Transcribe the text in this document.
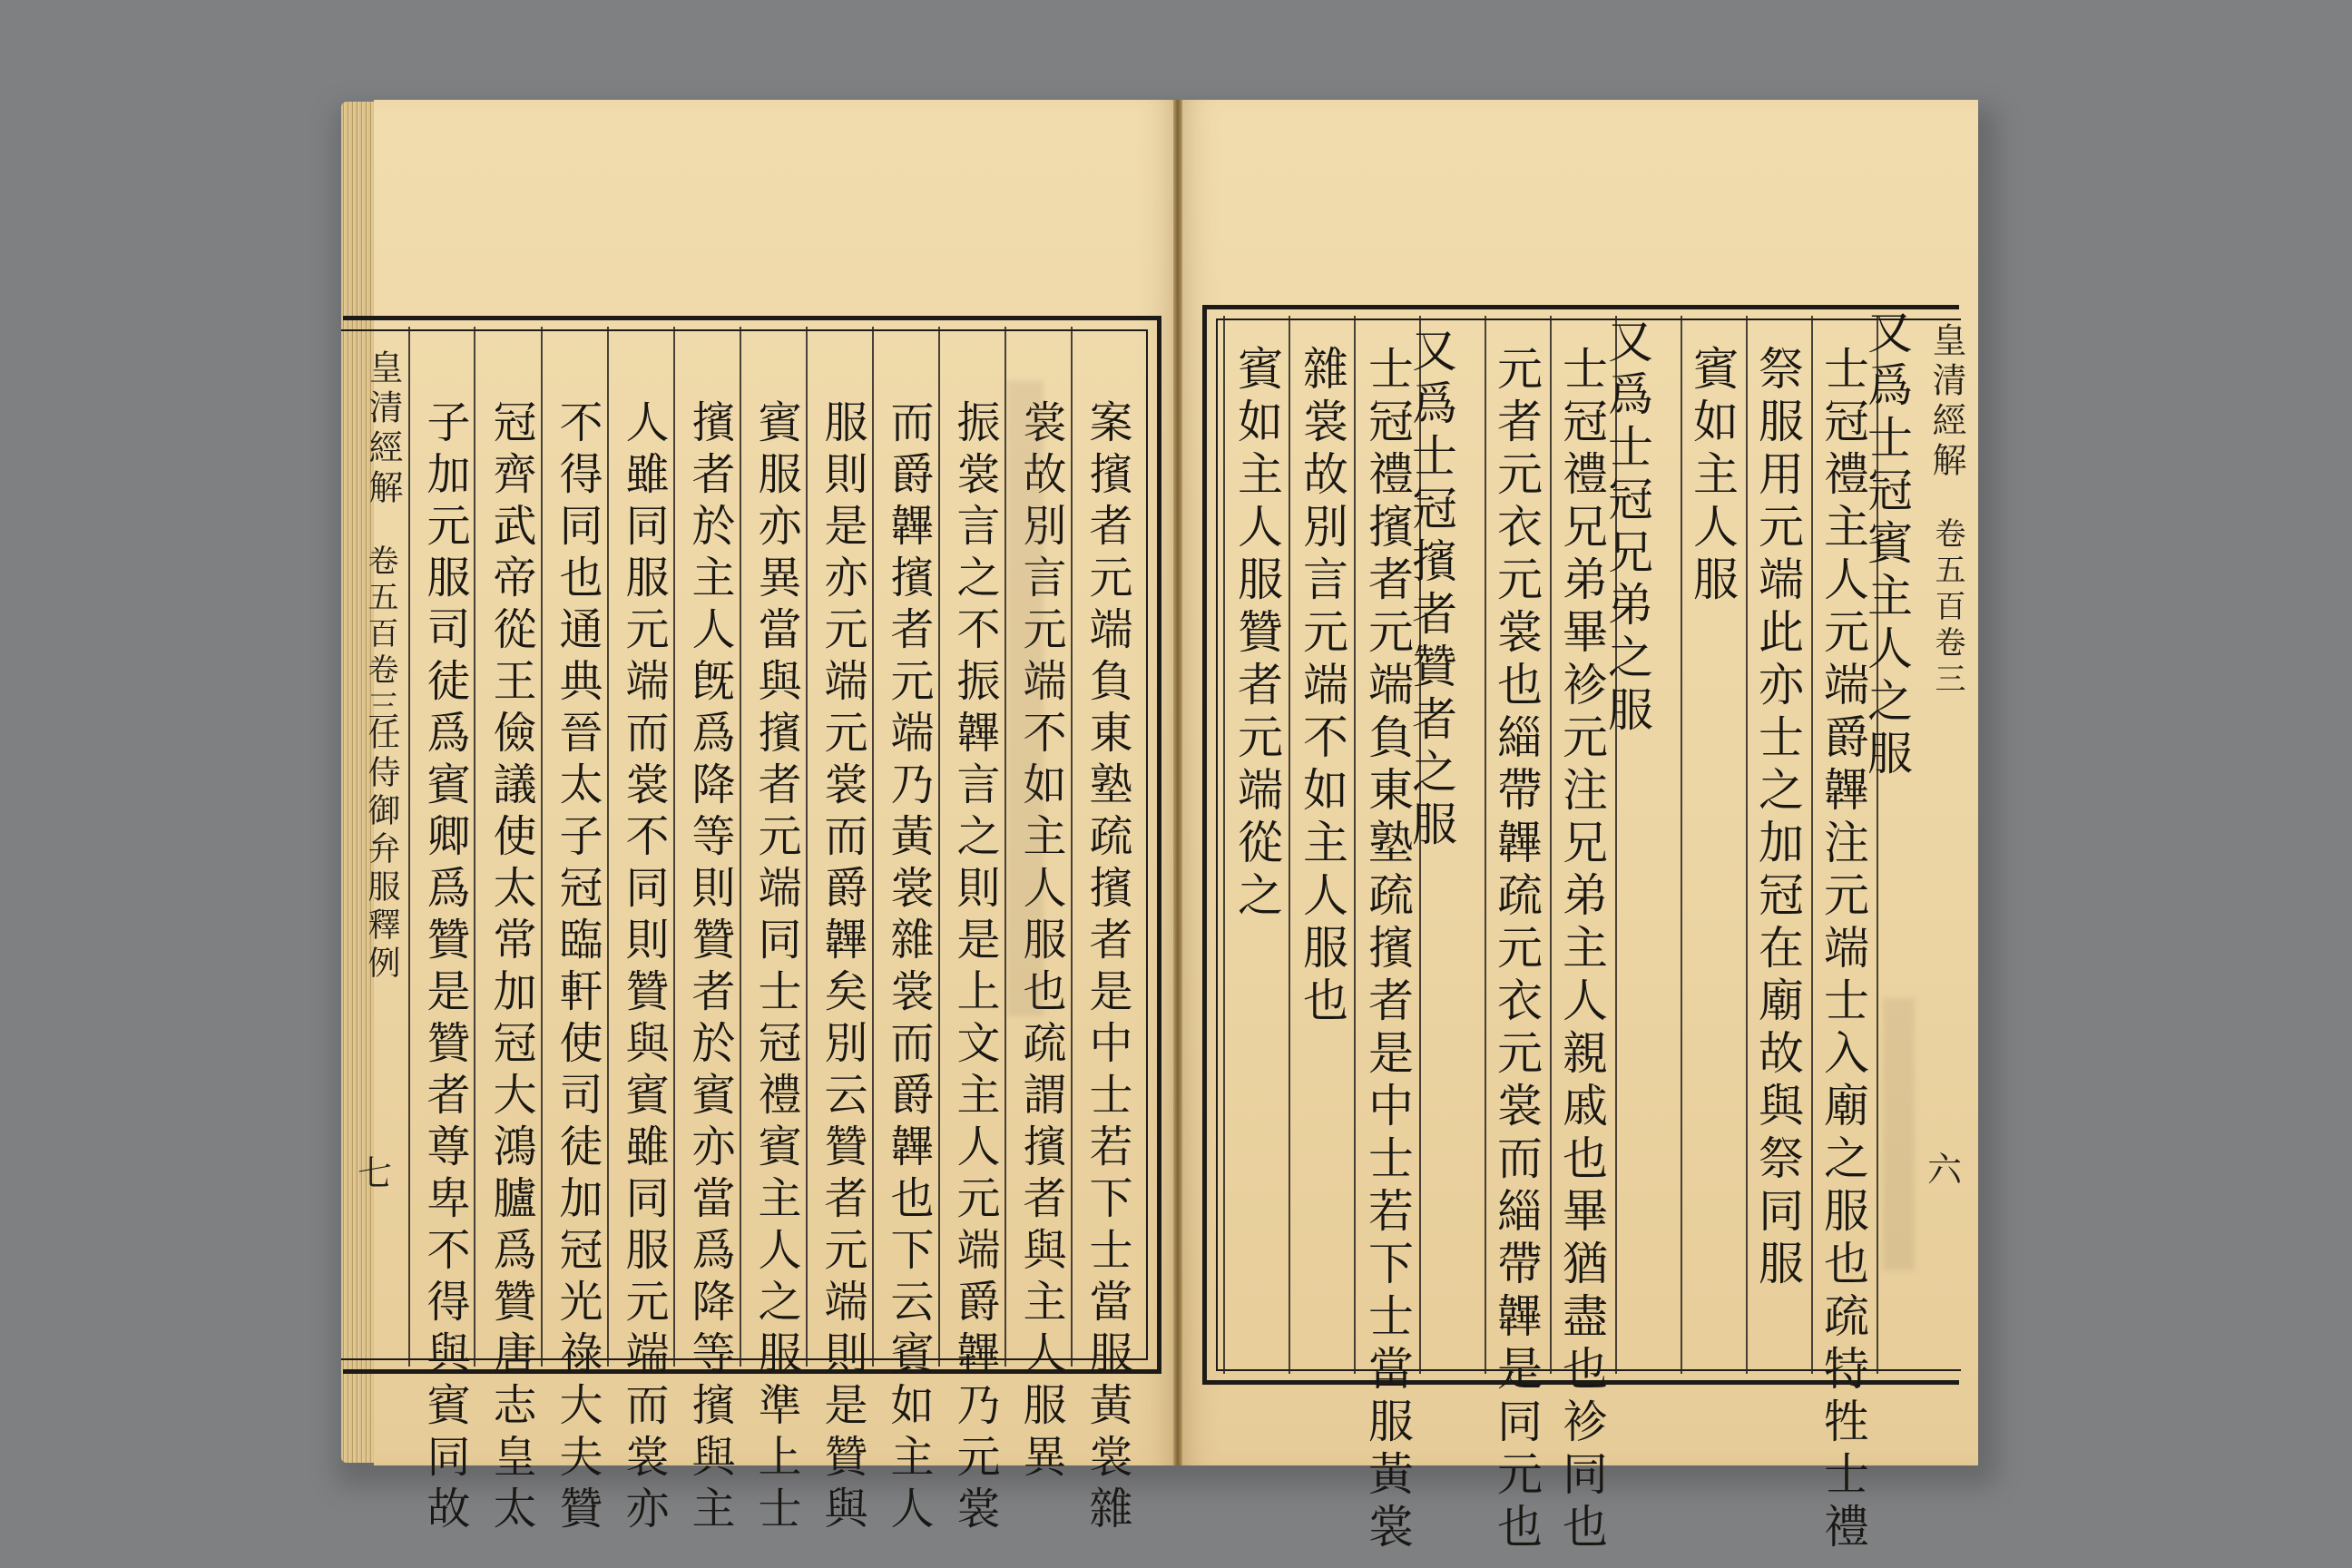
皇清經解
卷五百卷三
任侍御弁服釋例
七 子加元服司徒爲賓卿爲贊是贊者尊卑不得與賓同故 冠齊武帝從王儉議使太常加冠大鴻臚爲贊唐志皇太 不得同也通典晉太子冠臨軒使司徒加冠光祿大夫贊 人雖同服元端而裳不同則贊與賓雖同服元端而裳亦 擯者於主人旣爲降等則贊者於賓亦當爲降等擯與主 賓服亦異當與擯者元端同士冠禮賓主人之服準上士 服則是亦元端元裳而爵韠矣別云贊者元端則是贊與 而爵韠擯者元端乃黃裳雜裳而爵韠也下云賓如主人 振裳言之不振韠言之則是上文主人元端爵韠乃元裳 裳故別言元端不如主人服也疏謂擯者與主人服異 案擯者元端負東塾疏擯者是中士若下士當服黃裳雜 賓如主人服贊者元端從之 雜裳故別言元端不如主人服也 士冠禮擯者元端負東塾疏擯者是中士若下士當服黃裳
又爲士冠擯者贊者之服 元者元衣元裳也緇帶韠疏元衣元裳而緇帶韠是同元也 士冠禮兄弟畢袗元注兄弟主人親戚也畢猶盡也袗同也
又爲士冠兄弟之服 賓如主人服 祭服用元端此亦士之加冠在廟故與祭同服 士冠禮主人元端爵韠注元端士入廟之服也疏特牲士禮
又爲士冠賓主人之服 皇清經解
卷五百卷三
六
